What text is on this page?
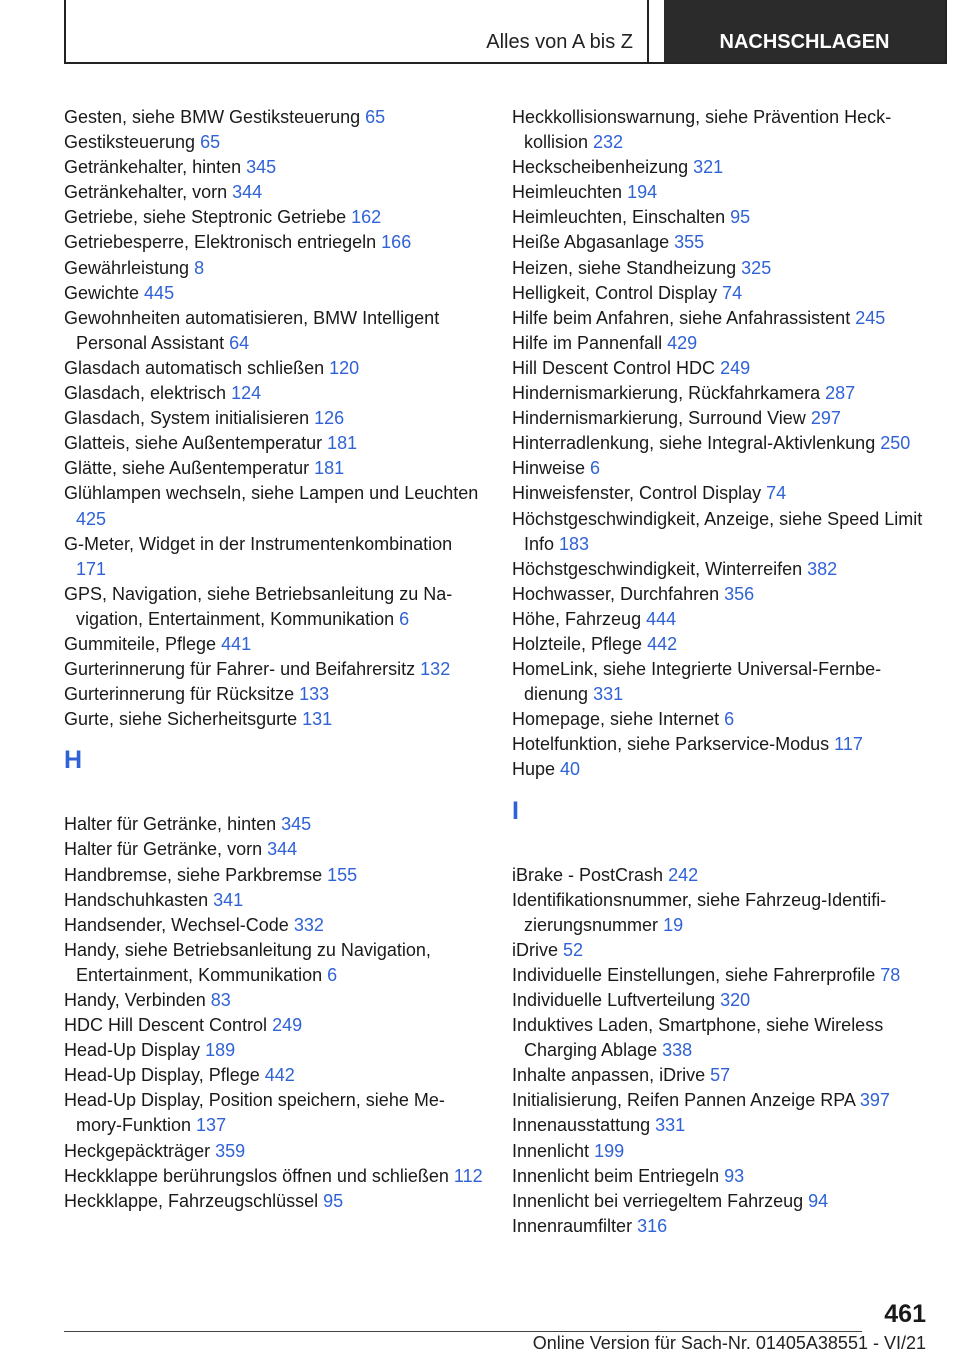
Alles von A bis Z	NACHSCHLAGEN
Gesten, siehe BMW Gestiksteuerung 65
Gestiksteuerung 65
Getränkehalter, hinten 345
Getränkehalter, vorn 344
Getriebe, siehe Steptronic Getriebe 162
Getriebesperre, Elektronisch entriegeln 166
Gewährleistung 8
Gewichte 445
Gewohnheiten automatisieren, BMW Intelligent Personal Assistant 64
Glasdach automatisch schließen 120
Glasdach, elektrisch 124
Glasdach, System initialisieren 126
Glatteis, siehe Außentemperatur 181
Glätte, siehe Außentemperatur 181
Glühlampen wechseln, siehe Lampen und Leuchten 425
G-Meter, Widget in der Instrumentenkombination 171
GPS, Navigation, siehe Betriebsanleitung zu Navigation, Entertainment, Kommunikation 6
Gummiteile, Pflege 441
Gurterinnerung für Fahrer- und Beifahrersitz 132
Gurterinnerung für Rücksitze 133
Gurte, siehe Sicherheitsgurte 131
H
Halter für Getränke, hinten 345
Halter für Getränke, vorn 344
Handbremse, siehe Parkbremse 155
Handschuhkasten 341
Handsender, Wechsel-Code 332
Handy, siehe Betriebsanleitung zu Navigation, Entertainment, Kommunikation 6
Handy, Verbinden 83
HDC Hill Descent Control 249
Head-Up Display 189
Head-Up Display, Pflege 442
Head-Up Display, Position speichern, siehe Memory-Funktion 137
Heckgepäckträger 359
Heckklappe berührungslos öffnen und schließen 112
Heckklappe, Fahrzeugschlüssel 95
Heckkollisionswarnung, siehe Prävention Heckkollision 232
Heckscheibenheizung 321
Heimleuchten 194
Heimleuchten, Einschalten 95
Heiße Abgasanlage 355
Heizen, siehe Standheizung 325
Helligkeit, Control Display 74
Hilfe beim Anfahren, siehe Anfahrassistent 245
Hilfe im Pannenfall 429
Hill Descent Control HDC 249
Hindernismarkierung, Rückfahrkamera 287
Hindernismarkierung, Surround View 297
Hinterradlenkung, siehe Integral-Aktivlenkung 250
Hinweise 6
Hinweisfenster, Control Display 74
Höchstgeschwindigkeit, Anzeige, siehe Speed Limit Info 183
Höchstgeschwindigkeit, Winterreifen 382
Hochwasser, Durchfahren 356
Höhe, Fahrzeug 444
Holzteile, Pflege 442
HomeLink, siehe Integrierte Universal-Fernbedienung 331
Homepage, siehe Internet 6
Hotelfunktion, siehe Parkservice-Modus 117
Hupe 40
I
iBrake - PostCrash 242
Identifikationsnummer, siehe Fahrzeug-Identifizierungsnummer 19
iDrive 52
Individuelle Einstellungen, siehe Fahrerprofile 78
Individuelle Luftverteilung 320
Induktives Laden, Smartphone, siehe Wireless Charging Ablage 338
Inhalte anpassen, iDrive 57
Initialisierung, Reifen Pannen Anzeige RPA 397
Innenausstattung 331
Innenlicht 199
Innenlicht beim Entriegeln 93
Innenlicht bei verriegeltem Fahrzeug 94
Innenraumfilter 316
461
Online Version für Sach-Nr. 01405A38551 - VI/21
